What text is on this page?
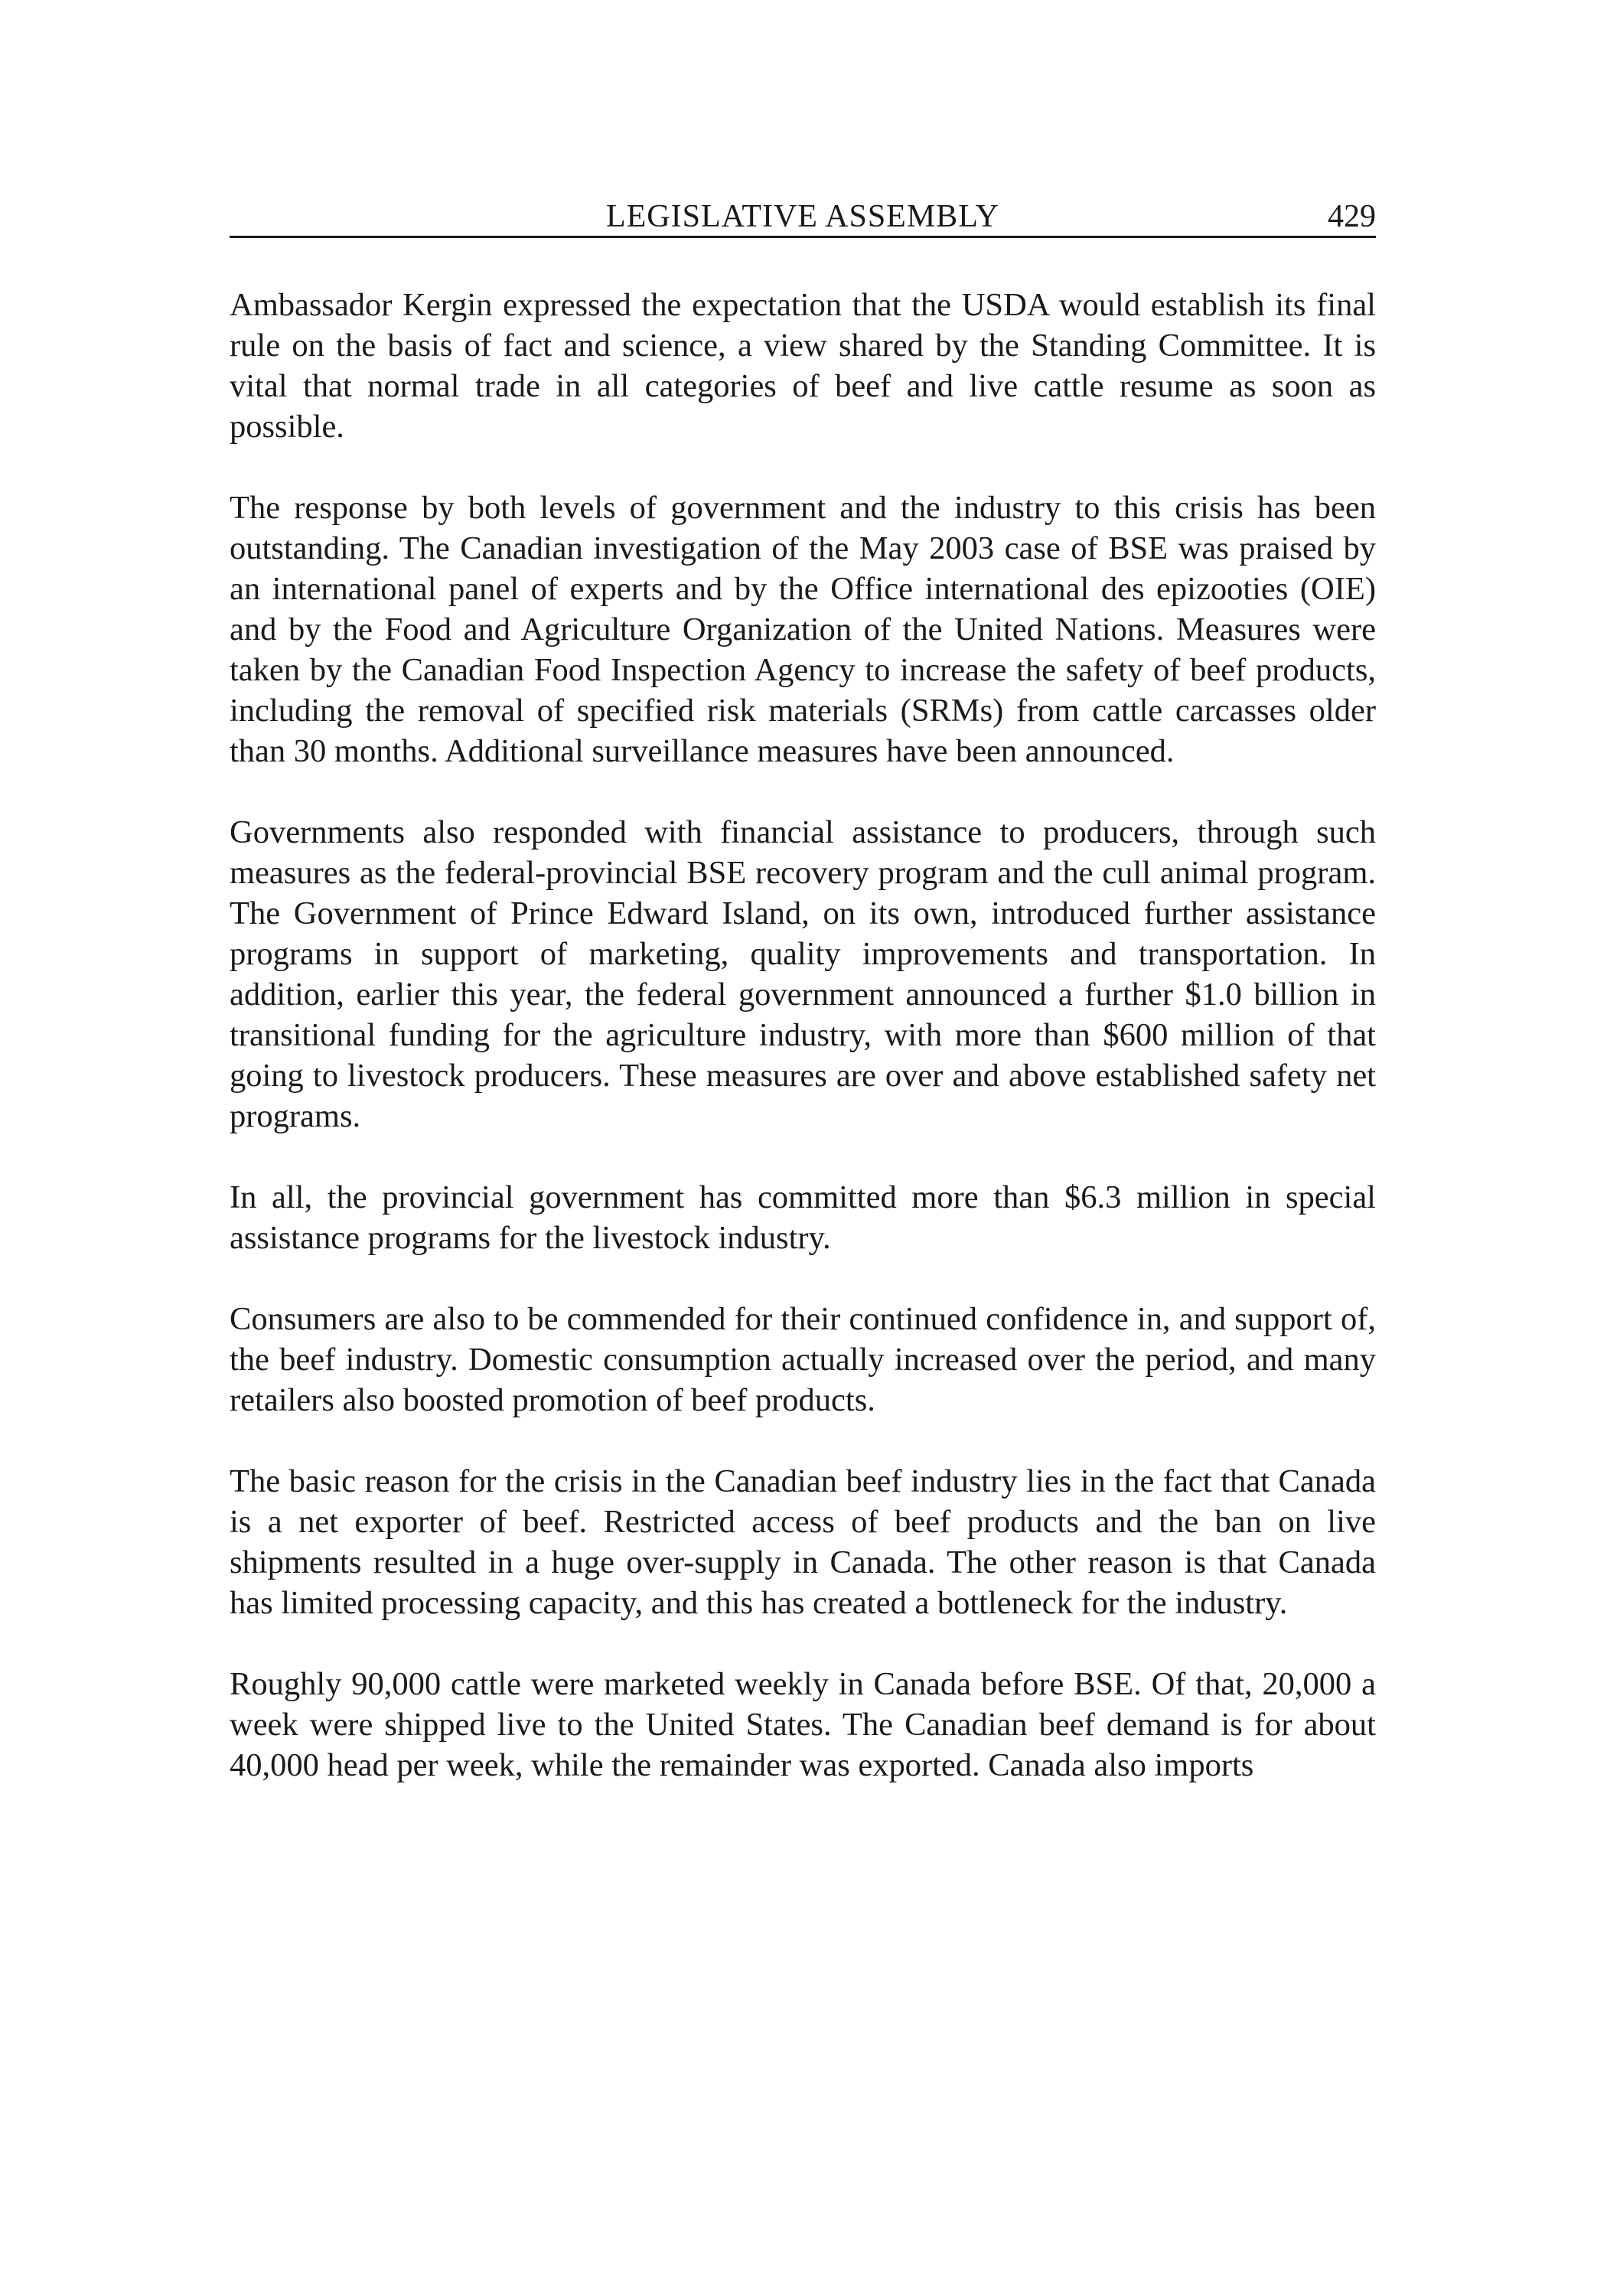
LEGISLATIVE ASSEMBLY	429

Ambassador Kergin expressed the expectation that the USDA would establish its final rule on the basis of fact and science, a view shared by the Standing Committee. It is vital that normal trade in all categories of beef and live cattle resume as soon as possible.

The response by both levels of government and the industry to this crisis has been outstanding. The Canadian investigation of the May 2003 case of BSE was praised by an international panel of experts and by the Office international des epizooties (OIE) and by the Food and Agriculture Organization of the United Nations. Measures were taken by the Canadian Food Inspection Agency to increase the safety of beef products, including the removal of specified risk materials (SRMs) from cattle carcasses older than 30 months. Additional surveillance measures have been announced.

Governments also responded with financial assistance to producers, through such measures as the federal-provincial BSE recovery program and the cull animal program. The Government of Prince Edward Island, on its own, introduced further assistance programs in support of marketing, quality improvements and transportation. In addition, earlier this year, the federal government announced a further $1.0 billion in transitional funding for the agriculture industry, with more than $600 million of that going to livestock producers. These measures are over and above established safety net programs.

In all, the provincial government has committed more than $6.3 million in special assistance programs for the livestock industry.

Consumers are also to be commended for their continued confidence in, and support of, the beef industry. Domestic consumption actually increased over the period, and many retailers also boosted promotion of beef products.

The basic reason for the crisis in the Canadian beef industry lies in the fact that Canada is a net exporter of beef. Restricted access of beef products and the ban on live shipments resulted in a huge over-supply in Canada. The other reason is that Canada has limited processing capacity, and this has created a bottleneck for the industry.

Roughly 90,000 cattle were marketed weekly in Canada before BSE. Of that, 20,000 a week were shipped live to the United States. The Canadian beef demand is for about 40,000 head per week, while the remainder was exported. Canada also imports
